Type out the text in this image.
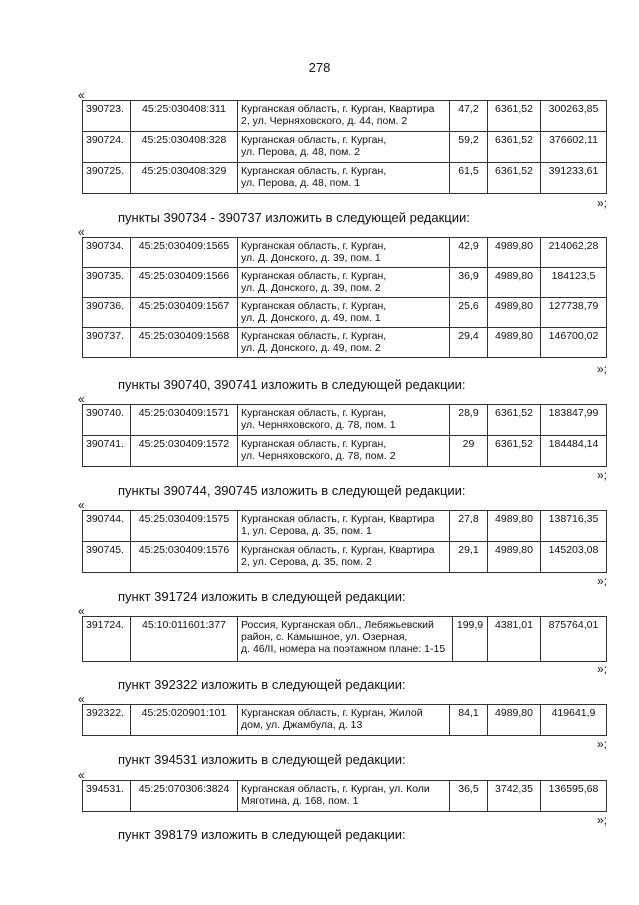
278
«
390723.	45:25:030408:311	Курганская область, г. Курган, Квартира
2, ул. Черняховского, д. 44, пом. 2	47,2	6361,52	300263,85
390724.	45:25:030408:328	Курганская область, г. Курган,
ул. Перова, д. 48, пом. 2	59,2	6361,52	376602,11
390725.	45:25:030408:329	Курганская область, г. Курган,
ул. Перова, д. 48, пом. 1	61,5	6361,52	391233,61
»;
пункты 390734 - 390737 изложить в следующей редакции:
«
390734.	45:25:030409:1565	Курганская область, г. Курган,
ул. Д. Донского, д. 39, пом. 1	42,9	4989,80	214062,28
390735.	45:25:030409:1566	Курганская область, г. Курган,
ул. Д. Донского, д. 39, пом. 2	36,9	4989,80	184123,5
390736.	45:25:030409:1567	Курганская область, г. Курган,
ул. Д. Донского, д. 49, пом. 1	25,6	4989,80	127738,79
390737.	45:25:030409:1568	Курганская область, г. Курган,
ул. Д. Донского, д. 49, пом. 2	29,4	4989,80	146700,02
»;
пункты 390740, 390741 изложить в следующей редакции:
«
390740.	45:25:030409:1571	Курганская область, г. Курган,
ул. Черняховского, д. 78, пом. 1	28,9	6361,52	183847,99
390741.	45:25:030409:1572	Курганская область, г. Курган,
ул. Черняховского, д. 78, пом. 2	29	6361,52	184484,14
»;
пункты 390744, 390745 изложить в следующей редакции:
«
390744.	45:25:030409:1575	Курганская область, г. Курган, Квартира
1, ул. Серова, д. 35, пом. 1	27,8	4989,80	138716,35
390745.	45:25:030409:1576	Курганская область, г. Курган, Квартира
2, ул. Серова, д. 35, пом. 2	29,1	4989,80	145203,08
»;
пункт 391724 изложить в следующей редакции:
«
391724.	45:10:011601:377	Россия, Курганская обл., Лебяжьевский
район, с. Камышное, ул. Озерная,
д. 46/II, номера на поэтажном плане: 1-15
	199,9	4381,01	875764,01
»;
пункт 392322 изложить в следующей редакции:
«
392322.	45:25:020901:101	Курганская область, г. Курган, Жилой
дом, ул. Джамбула, д. 13
	84,1	4989,80	419641,9
»;
пункт 394531 изложить в следующей редакции:
«
394531.	45:25:070306:3824	Курганская область, г. Курган, ул. Коли
Мяготина, д. 168, пом. 1
	36,5	3742,35	136595,68
»;
пункт 398179 изложить в следующей редакции:
